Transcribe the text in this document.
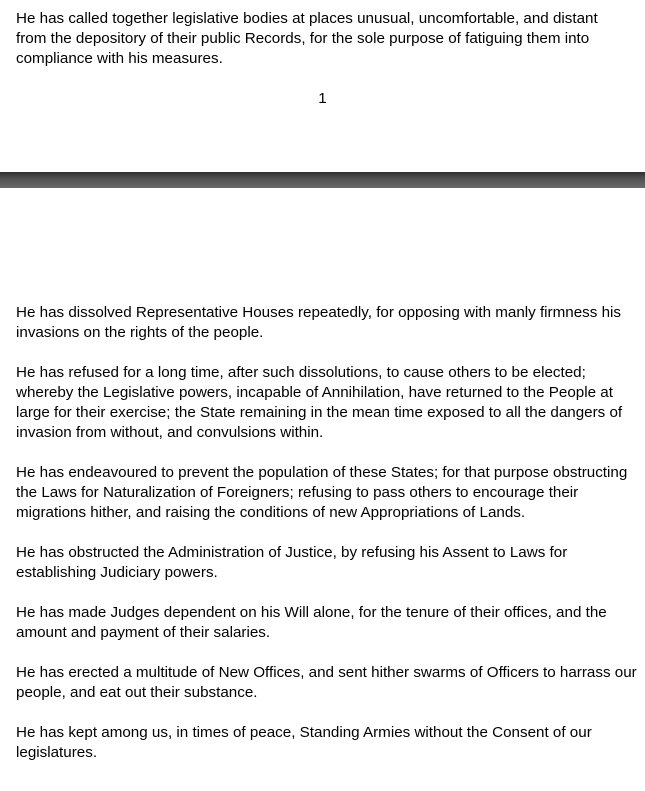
He has called together legislative bodies at places unusual, uncomfortable, and distant from the depository of their public Records, for the sole purpose of fatiguing them into compliance with his measures.

1

He has dissolved Representative Houses repeatedly, for opposing with manly firmness his invasions on the rights of the people.

He has refused for a long time, after such dissolutions, to cause others to be elected; whereby the Legislative powers, incapable of Annihilation, have returned to the People at large for their exercise; the State remaining in the mean time exposed to all the dangers of invasion from without, and convulsions within.

He has endeavoured to prevent the population of these States; for that purpose obstructing the Laws for Naturalization of Foreigners; refusing to pass others to encourage their migrations hither, and raising the conditions of new Appropriations of Lands.

He has obstructed the Administration of Justice, by refusing his Assent to Laws for establishing Judiciary powers.

He has made Judges dependent on his Will alone, for the tenure of their offices, and the amount and payment of their salaries.

He has erected a multitude of New Offices, and sent hither swarms of Officers to harrass our people, and eat out their substance.

He has kept among us, in times of peace, Standing Armies without the Consent of our legislatures.
